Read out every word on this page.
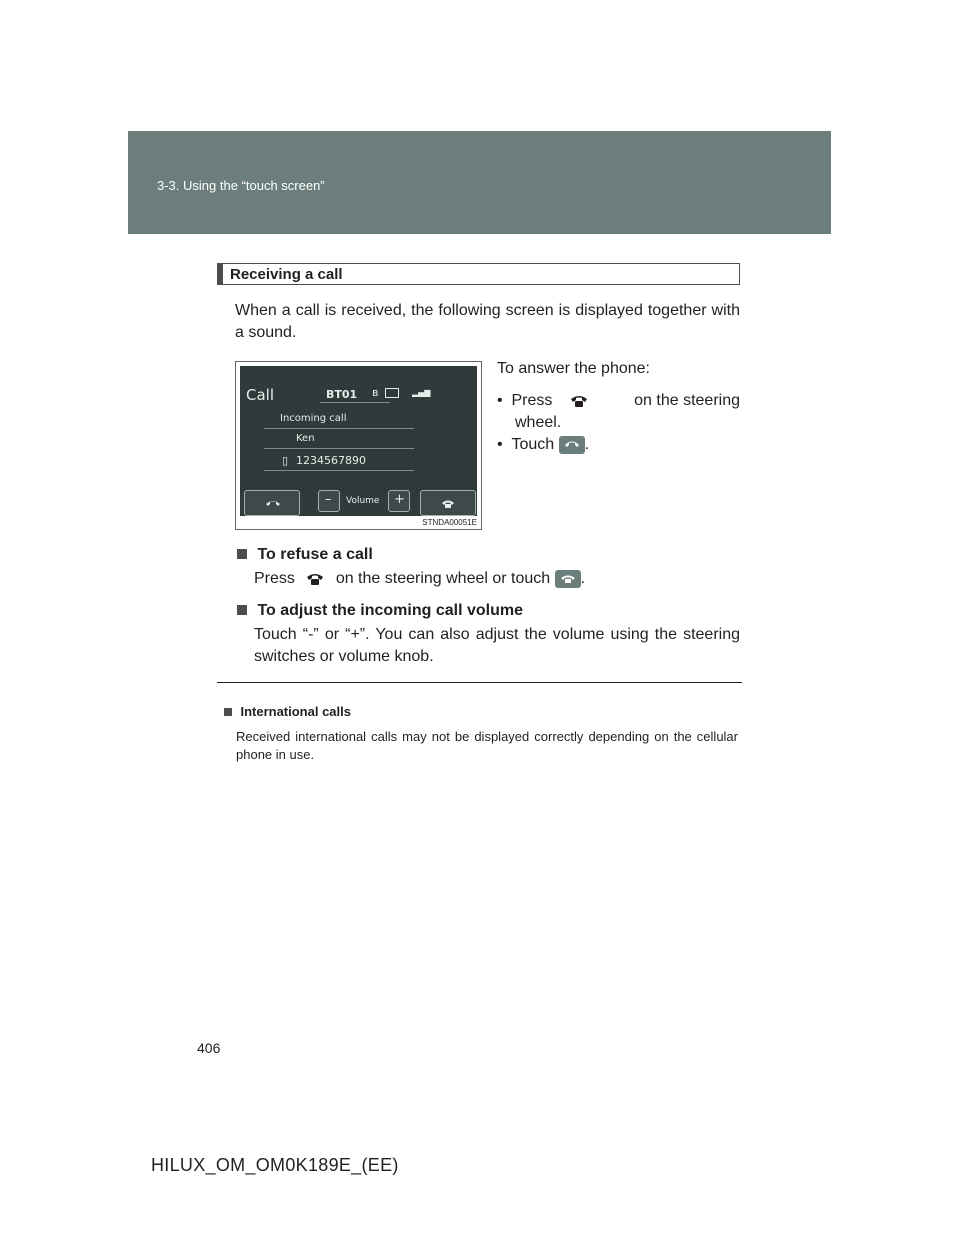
3-3. Using the “touch screen”
Receiving a call
When a call is received, the following screen is displayed together with a sound.
To answer the phone:
•  Press	on the steering
wheel.
•  Touch .
Call	BT01 ʙ	▂▄▆
Incoming call
Ken
▯ 1234567890
– Volume +
STNDA00051E
To refuse a call
Press	on the steering wheel or touch .
To adjust the incoming call volume
Touch “-” or “+”. You can also adjust the volume using the steering switches or volume knob.
International calls
Received international calls may not be displayed correctly depending on the cellular phone in use.
406
HILUX_OM_OM0K189E_(EE)
